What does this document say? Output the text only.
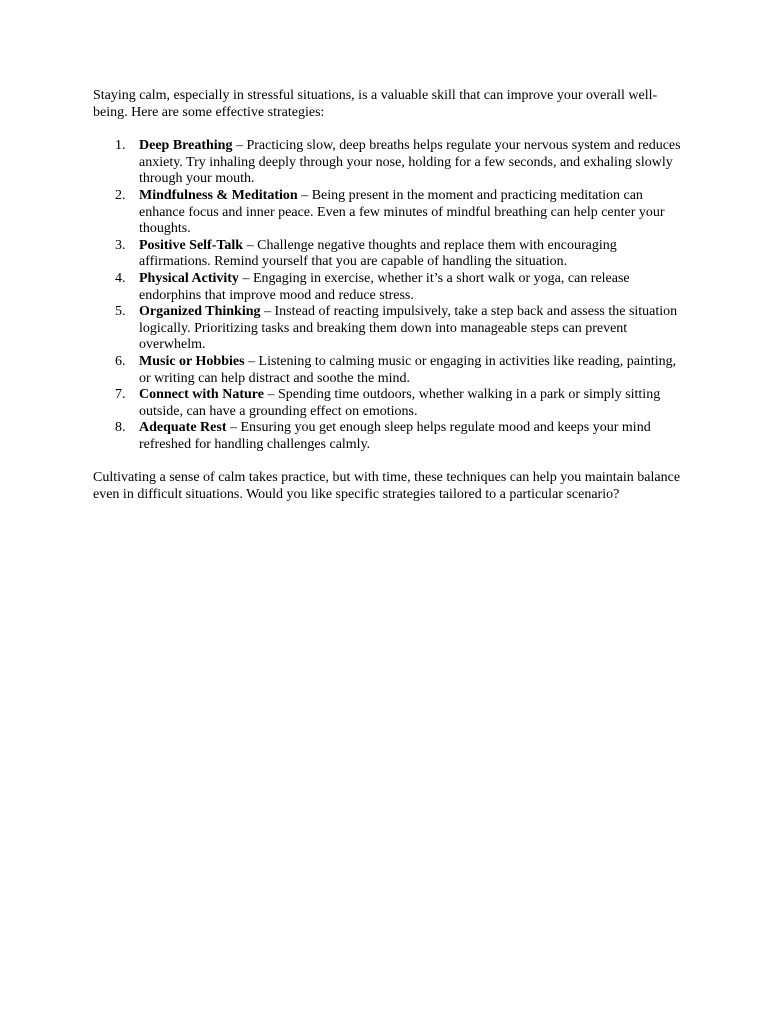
Staying calm, especially in stressful situations, is a valuable skill that can improve your overall well-being. Here are some effective strategies:

1. Deep Breathing – Practicing slow, deep breaths helps regulate your nervous system and reduces anxiety. Try inhaling deeply through your nose, holding for a few seconds, and exhaling slowly through your mouth.
2. Mindfulness & Meditation – Being present in the moment and practicing meditation can enhance focus and inner peace. Even a few minutes of mindful breathing can help center your thoughts.
3. Positive Self-Talk – Challenge negative thoughts and replace them with encouraging affirmations. Remind yourself that you are capable of handling the situation.
4. Physical Activity – Engaging in exercise, whether it’s a short walk or yoga, can release endorphins that improve mood and reduce stress.
5. Organized Thinking – Instead of reacting impulsively, take a step back and assess the situation logically. Prioritizing tasks and breaking them down into manageable steps can prevent overwhelm.
6. Music or Hobbies – Listening to calming music or engaging in activities like reading, painting, or writing can help distract and soothe the mind.
7. Connect with Nature – Spending time outdoors, whether walking in a park or simply sitting outside, can have a grounding effect on emotions.
8. Adequate Rest – Ensuring you get enough sleep helps regulate mood and keeps your mind refreshed for handling challenges calmly.

Cultivating a sense of calm takes practice, but with time, these techniques can help you maintain balance even in difficult situations. Would you like specific strategies tailored to a particular scenario?
